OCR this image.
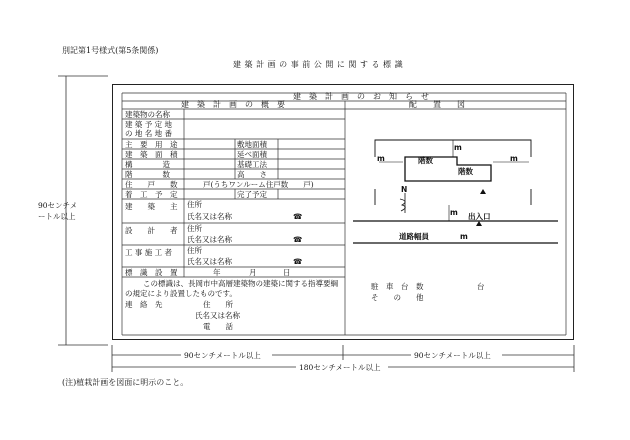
別記第1号様式(第5条関係)
建 築 計 画 の 事 前 公 開 に 関 す る 標 識
90センチメートル以上
90センチメートル以上	90センチメートル以上
180センチメートル以上
(注)植栽計画を図面に明示のこと。
建　築　計　画　の　お　知　ら　せ
建　築　計　画　の　概　要	配　　置　　図
建築物の名称
建 築 予 定 地
の 地 名 地 番
主　要　用　途	敷地面積
建　築　面　積	延べ面積
構　　　　造	基礎工法
階　　　　数	高　　さ
住　　戸　　数	戸(うちワンルーム住戸数　　戸)
着　工　予　定	完了予定
建　　築　　主 住所
氏名又は名称	☎
設　　計　　者 住所
氏名又は名称	☎
工 事 施 工 者 住所
氏名又は名称	☎
標　識　設　置	年	月	日
この標識は、長岡市中高層建築物の建築に関する指導要綱の規定により設置したものです。
連　絡　先	住　　所
氏名又は名称
電　　話
m
m
m
m
階数
階数
N
出入口
道路幅員	m
駐　車　台　数	台
そ　　の　　他
